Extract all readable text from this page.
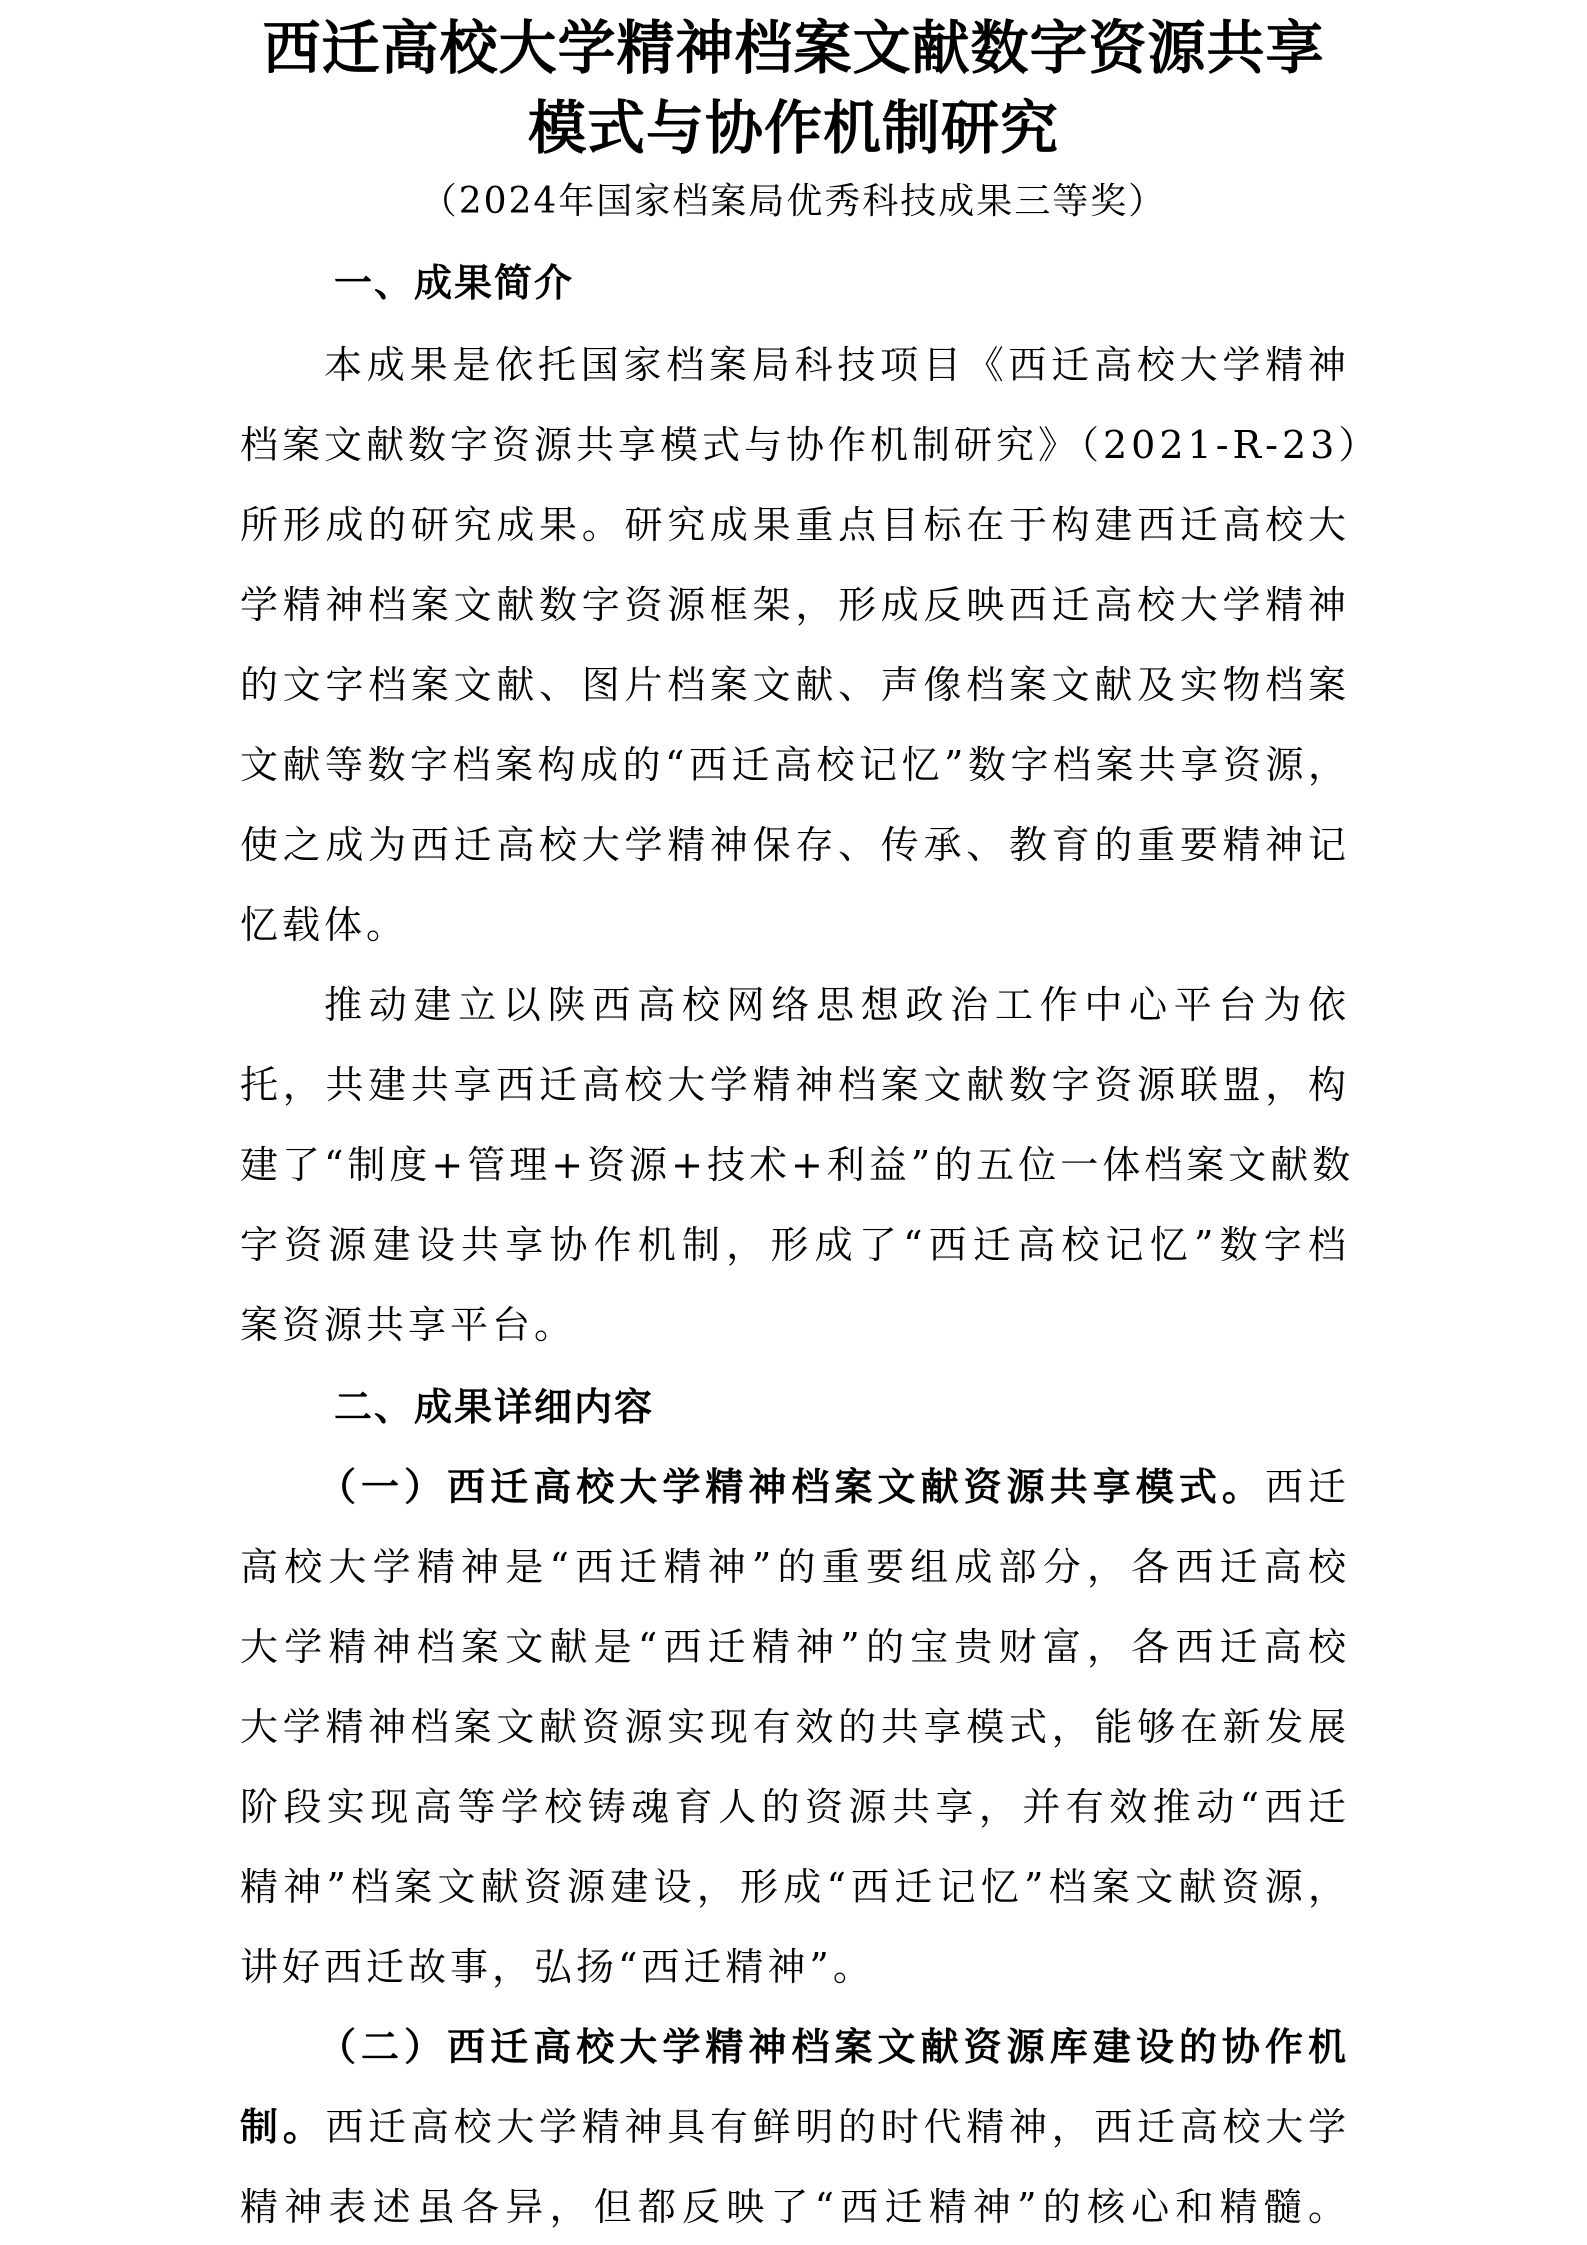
西迁高校大学精神档案文献数字资源共享
模式与协作机制研究
（2024年国家档案局优秀科技成果三等奖）
一、成果简介
本成果是依托国家档案局科技项目《西迁高校大学精神
档案文献数字资源共享模式与协作机制研究》（2021-R-23）
所形成的研究成果。研究成果重点目标在于构建西迁高校大
学精神档案文献数字资源框架，形成反映西迁高校大学精神
的文字档案文献、图片档案文献、声像档案文献及实物档案
文献等数字档案构成的“西迁高校记忆”数字档案共享资源，
使之成为西迁高校大学精神保存、传承、教育的重要精神记
忆载体。
推动建立以陕西高校网络思想政治工作中心平台为依
托，共建共享西迁高校大学精神档案文献数字资源联盟，构
建了“制度+管理+资源+技术+利益”的五位一体档案文献数
字资源建设共享协作机制，形成了“西迁高校记忆”数字档
案资源共享平台。
二、成果详细内容
（一）西迁高校大学精神档案文献资源共享模式。西迁
高校大学精神是“西迁精神”的重要组成部分，各西迁高校
大学精神档案文献是“西迁精神”的宝贵财富，各西迁高校
大学精神档案文献资源实现有效的共享模式，能够在新发展
阶段实现高等学校铸魂育人的资源共享，并有效推动“西迁
精神”档案文献资源建设，形成“西迁记忆”档案文献资源，
讲好西迁故事，弘扬“西迁精神”。
（二）西迁高校大学精神档案文献资源库建设的协作机
制。西迁高校大学精神具有鲜明的时代精神，西迁高校大学
精神表述虽各异，但都反映了“西迁精神”的核心和精髓。
